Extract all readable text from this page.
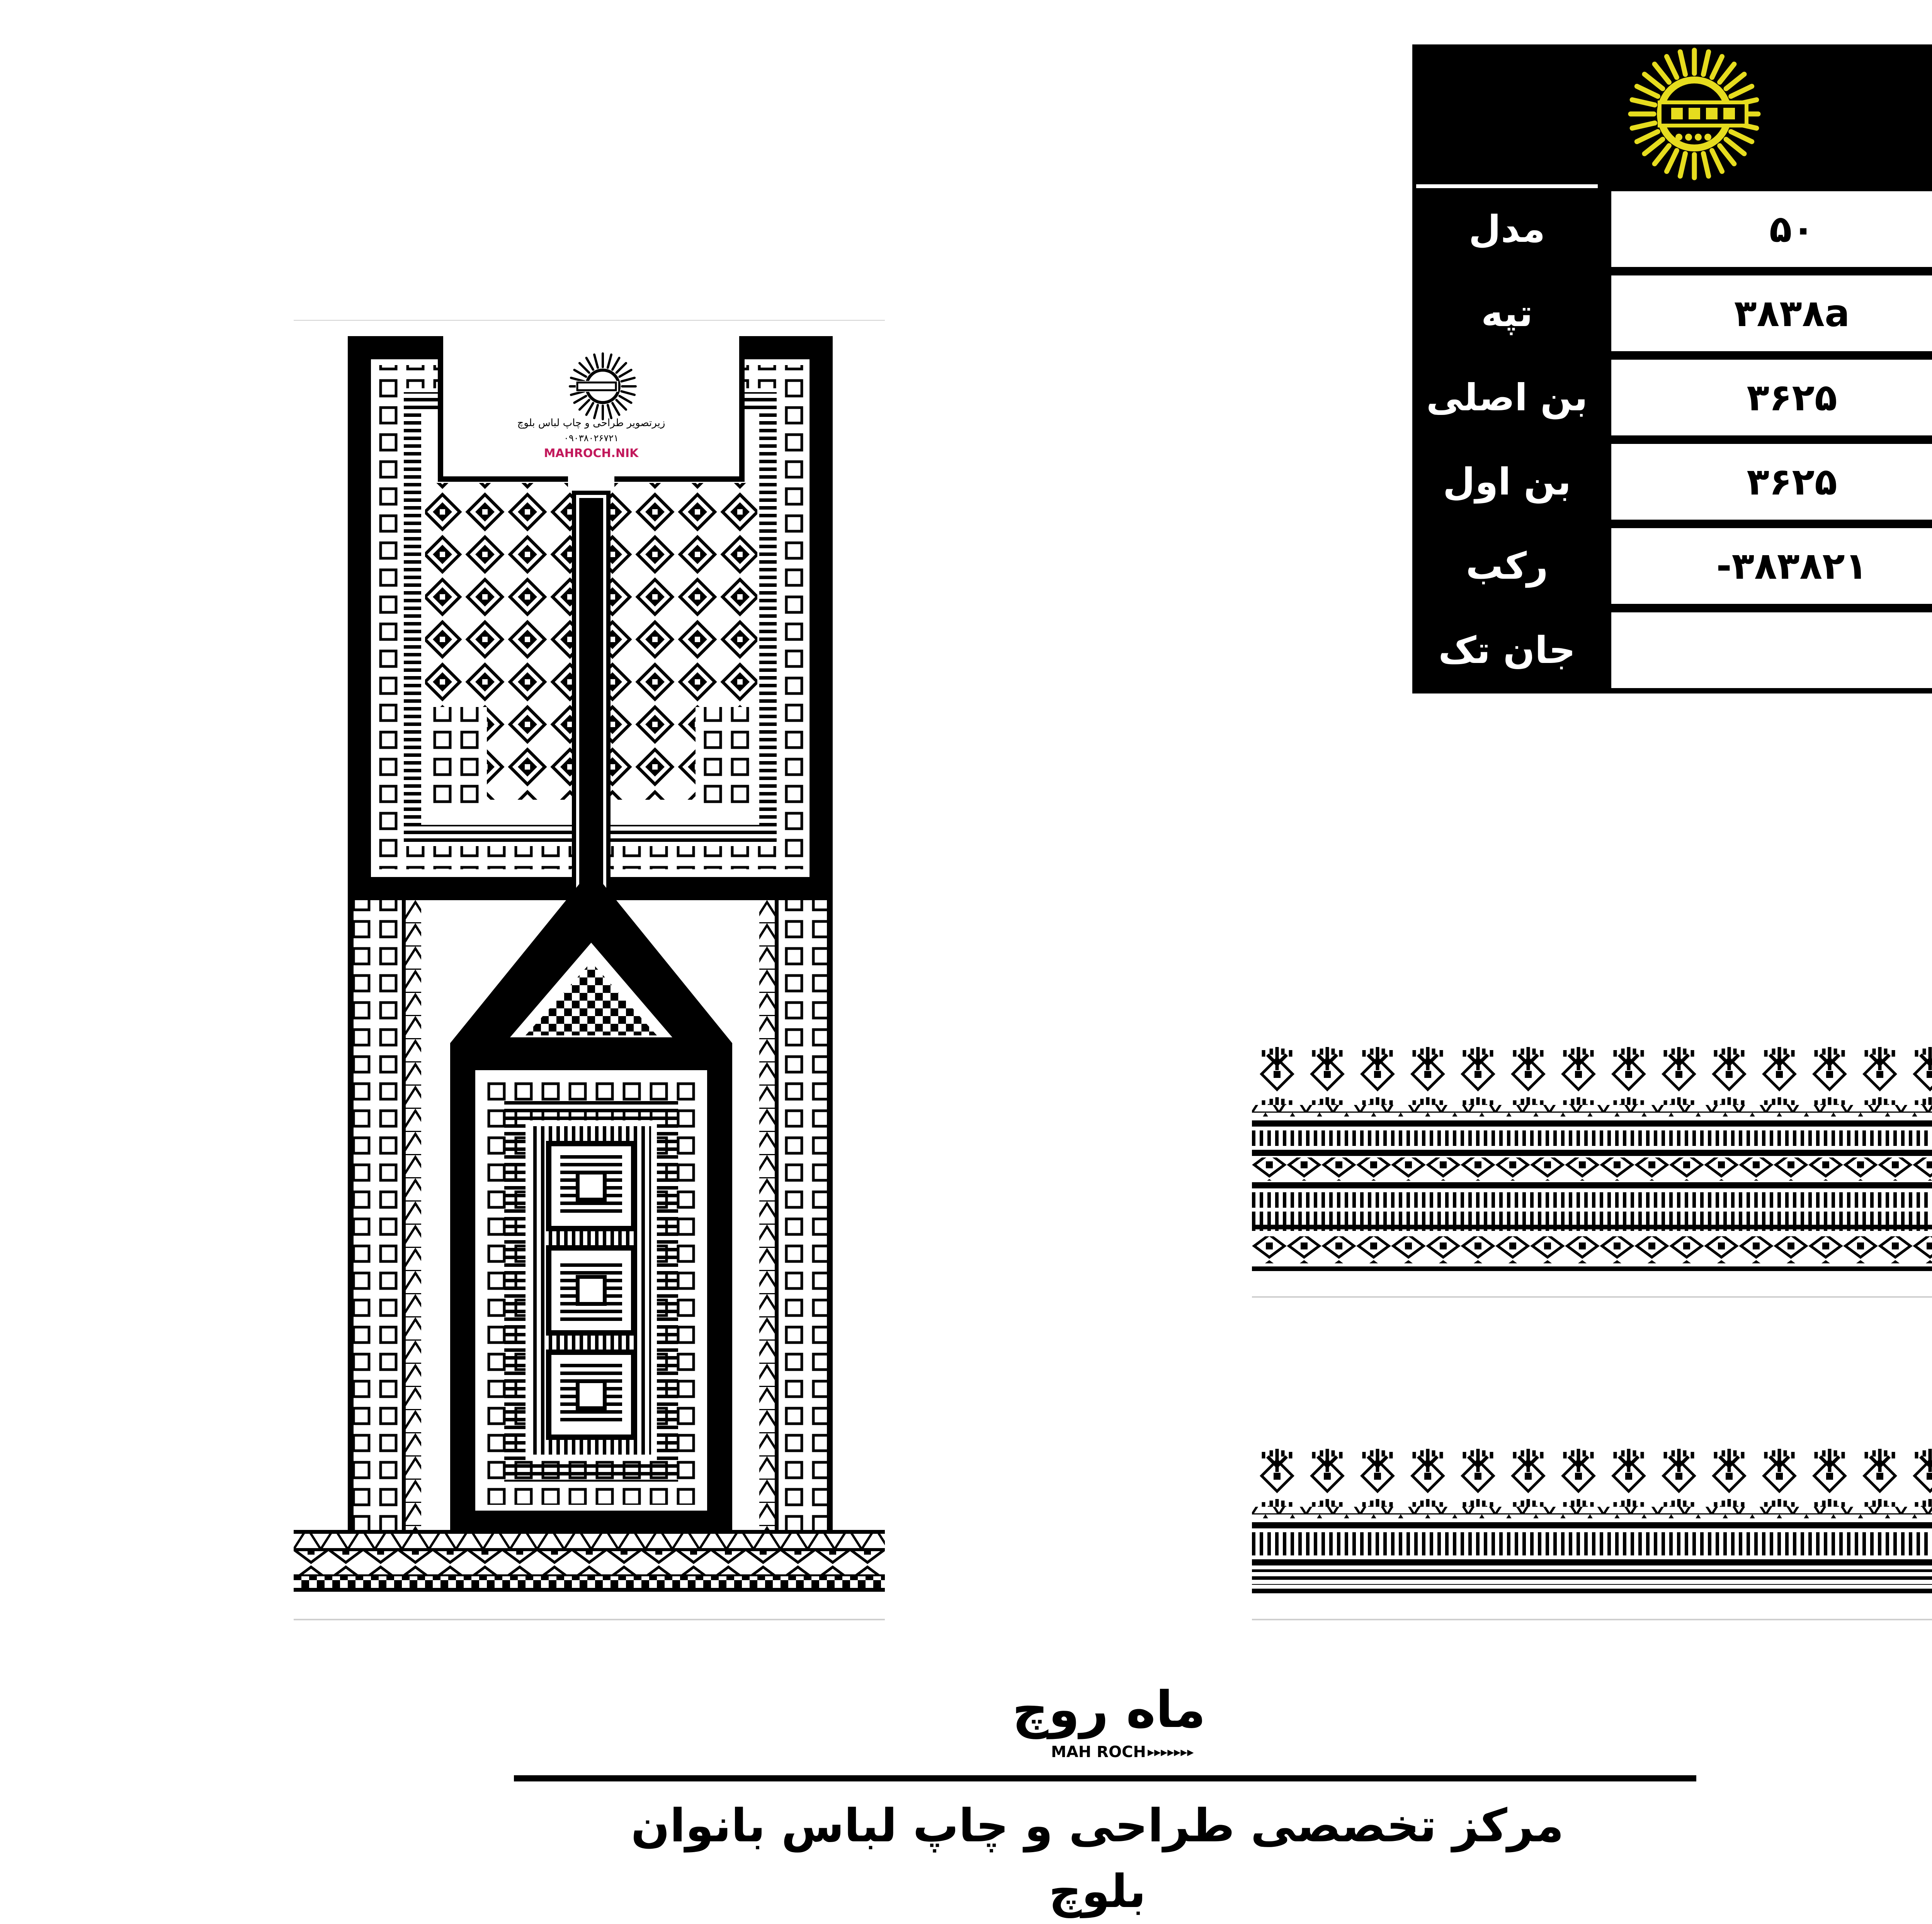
مدل	۵۰
تپه	۳۸۳۸a
بن اصلی	۳۶۲۵
بن اول	۳۶۲۵
رکب	-۳۸۳۸۲۱
جان تک
زیرتصویر طراحی و چاپ لباس بلوچ
۰۹۰۳۸۰۲۶۷۲۱
MAHROCH.NIK
ماه روچ
MAH ROCH ▸▸▸▸▸▸▸
مرکز تخصصی طراحی و چاپ لباس بانوان بلوچ
